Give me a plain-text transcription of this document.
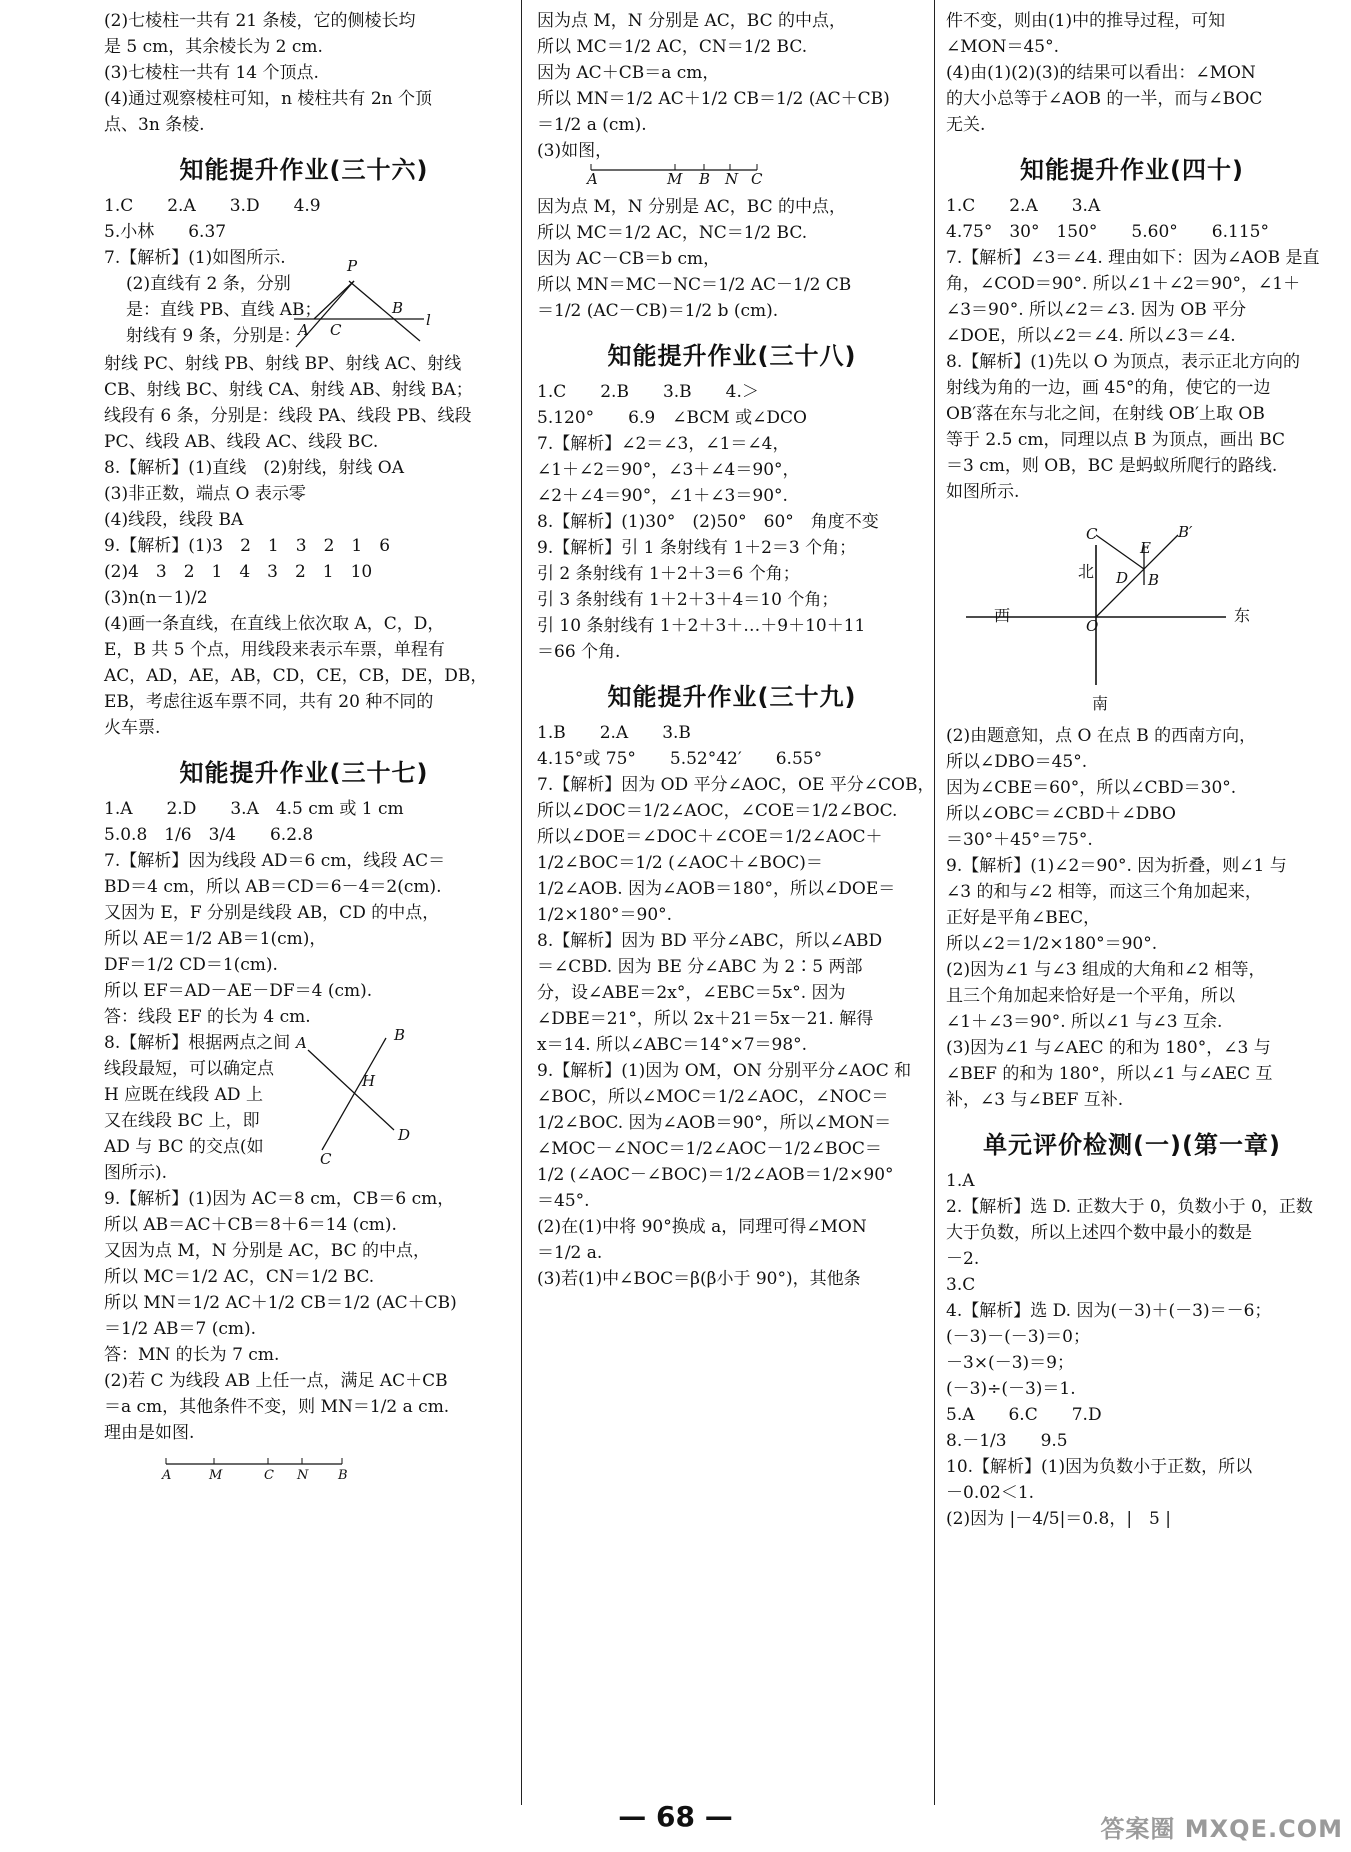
(2)七棱柱一共有 21 条棱，它的侧棱长均
是 5 cm，其余棱长为 2 cm.
(3)七棱柱一共有 14 个顶点.
(4)通过观察棱柱可知，n 棱柱共有 2n 个顶
点、3n 条棱.
知能提升作业(三十六)
1.C　　2.A　　3.D　　4.9
5.小林　　6.37
7.【解析】(1)如图所示.
(2)直线有 2 条，分别
是：直线 PB、直线 AB；
射线有 9 条，分别是：
P
A C
B
l
射线 PC、射线 PB、射线 BP、射线 AC、射线
CB、射线 BC、射线 CA、射线 AB、射线 BA；
线段有 6 条，分别是：线段 PA、线段 PB、线段
PC、线段 AB、线段 AC、线段 BC.
8.【解析】(1)直线　(2)射线，射线 OA
(3)非正数，端点 O 表示零
(4)线段，线段 BA
9.【解析】(1)3　2　1　3　2　1　6
(2)4　3　2　1　4　3　2　1　10
(3)n(n－1)/2
(4)画一条直线，在直线上依次取 A，C，D，
E，B 共 5 个点，用线段来表示车票，单程有
AC，AD，AE，AB，CD，CE，CB，DE，DB，
EB，考虑往返车票不同，共有 20 种不同的
火车票.
知能提升作业(三十七)
1.A　　2.D　　3.A　4.5 cm 或 1 cm
5.0.8　1/6　3/4　　6.2.8
7.【解析】因为线段 AD＝6 cm，线段 AC＝
BD＝4 cm，所以 AB＝CD＝6－4＝2(cm).
又因为 E，F 分别是线段 AB，CD 的中点，
所以 AE＝1/2 AB＝1(cm)，
DF＝1/2 CD＝1(cm).
所以 EF＝AD－AE－DF＝4 (cm).
答：线段 EF 的长为 4 cm.
8.【解析】根据两点之间
线段最短，可以确定点
H 应既在线段 AD 上
又在线段 BC 上，即
AD 与 BC 的交点(如
图所示).
A	B
H
C
D
9.【解析】(1)因为 AC＝8 cm，CB＝6 cm，
所以 AB＝AC＋CB＝8＋6＝14 (cm).
又因为点 M，N 分别是 AC，BC 的中点，
所以 MC＝1/2 AC，CN＝1/2 BC.
所以 MN＝1/2 AC＋1/2 CB＝1/2 (AC＋CB)
＝1/2 AB＝7 (cm).
答：MN 的长为 7 cm.
(2)若 C 为线段 AB 上任一点，满足 AC＋CB
＝a cm，其他条件不变，则 MN＝1/2 a cm.
理由是如图.
A	M	C N B
因为点 M，N 分别是 AC，BC 的中点，
所以 MC＝1/2 AC，CN＝1/2 BC.
因为 AC＋CB＝a cm，
所以 MN＝1/2 AC＋1/2 CB＝1/2 (AC＋CB)
＝1/2 a (cm).
(3)如图，
A	M B N C
因为点 M，N 分别是 AC，BC 的中点，
所以 MC＝1/2 AC，NC＝1/2 BC.
因为 AC－CB＝b cm，
所以 MN＝MC－NC＝1/2 AC－1/2 CB
＝1/2 (AC－CB)＝1/2 b (cm).
知能提升作业(三十八)
1.C　　2.B　　3.B　　4.＞
5.120°　　6.9　∠BCM 或∠DCO
7.【解析】∠2＝∠3，∠1＝∠4，
∠1＋∠2＝90°，∠3＋∠4＝90°，
∠2＋∠4＝90°，∠1＋∠3＝90°.
8.【解析】(1)30°　(2)50°　60°　角度不变
9.【解析】引 1 条射线有 1＋2＝3 个角；
引 2 条射线有 1＋2＋3＝6 个角；
引 3 条射线有 1＋2＋3＋4＝10 个角；
引 10 条射线有 1＋2＋3＋…＋9＋10＋11
＝66 个角.
知能提升作业(三十九)
1.B　　2.A　　3.B
4.15°或 75°　　5.52°42′　　6.55°
7.【解析】因为 OD 平分∠AOC，OE 平分∠COB，
所以∠DOC＝1/2∠AOC，∠COE＝1/2∠BOC.
所以∠DOE＝∠DOC＋∠COE＝1/2∠AOC＋
1/2∠BOC＝1/2 (∠AOC＋∠BOC)＝
1/2∠AOB. 因为∠AOB＝180°，所以∠DOE＝
1/2×180°＝90°.
8.【解析】因为 BD 平分∠ABC，所以∠ABD
＝∠CBD. 因为 BE 分∠ABC 为 2∶5 两部
分，设∠ABE＝2x°，∠EBC＝5x°. 因为
∠DBE＝21°，所以 2x＋21＝5x－21. 解得
x＝14. 所以∠ABC＝14°×7＝98°.
9.【解析】(1)因为 OM，ON 分别平分∠AOC 和
∠BOC，所以∠MOC＝1/2∠AOC，∠NOC＝
1/2∠BOC. 因为∠AOB＝90°，所以∠MON＝
∠MOC－∠NOC＝1/2∠AOC－1/2∠BOC＝
1/2 (∠AOC－∠BOC)＝1/2∠AOB＝1/2×90°
＝45°.
(2)在(1)中将 90°换成 a，同理可得∠MON
＝1/2 a.
(3)若(1)中∠BOC＝β(β小于 90°)，其他条
件不变，则由(1)中的推导过程，可知
∠MON＝45°.
(4)由(1)(2)(3)的结果可以看出：∠MON
的大小总等于∠AOB 的一半，而与∠BOC
无关.
知能提升作业(四十)
1.C　　2.A　　3.A
4.75°　30°　150°　　5.60°　　6.115°
7.【解析】∠3＝∠4. 理由如下：因为∠AOB 是直
角，∠COD＝90°. 所以∠1＋∠2＝90°，∠1＋
∠3＝90°. 所以∠2＝∠3. 因为 OB 平分
∠DOE，所以∠2＝∠4. 所以∠3＝∠4.
8.【解析】(1)先以 O 为顶点，表示正北方向的
射线为角的一边，画 45°的角，使它的一边
OB′落在东与北之间，在射线 OB′上取 OB
等于 2.5 cm，同理以点 B 为顶点，画出 BC
＝3 cm，则 OB，BC 是蚂蚁所爬行的路线.
如图所示.
C
E
B′
D B
O
北
南
西	东
(2)由题意知，点 O 在点 B 的西南方向，
所以∠DBO＝45°.
因为∠CBE＝60°，所以∠CBD＝30°.
所以∠OBC＝∠CBD＋∠DBO
＝30°＋45°＝75°.
9.【解析】(1)∠2＝90°. 因为折叠，则∠1 与
∠3 的和与∠2 相等，而这三个角加起来，
正好是平角∠BEC，
所以∠2＝1/2×180°＝90°.
(2)因为∠1 与∠3 组成的大角和∠2 相等，
且三个角加起来恰好是一个平角，所以
∠1＋∠3＝90°. 所以∠1 与∠3 互余.
(3)因为∠1 与∠AEC 的和为 180°，∠3 与
∠BEF 的和为 180°，所以∠1 与∠AEC 互
补，∠3 与∠BEF 互补.
单元评价检测(一)(第一章)
1.A
2.【解析】选 D. 正数大于 0，负数小于 0，正数
大于负数，所以上述四个数中最小的数是
－2.
3.C
4.【解析】选 D. 因为(－3)＋(－3)＝－6；
(－3)－(－3)＝0；
－3×(－3)＝9；
(－3)÷(－3)＝1.
5.A　　6.C　　7.D
8.－1/3　　9.5
10.【解析】(1)因为负数小于正数，所以
－0.02＜1.
(2)因为 |－4/5|＝0.8，|　5 |
— 68 —	答案圈 MXQE.COM
